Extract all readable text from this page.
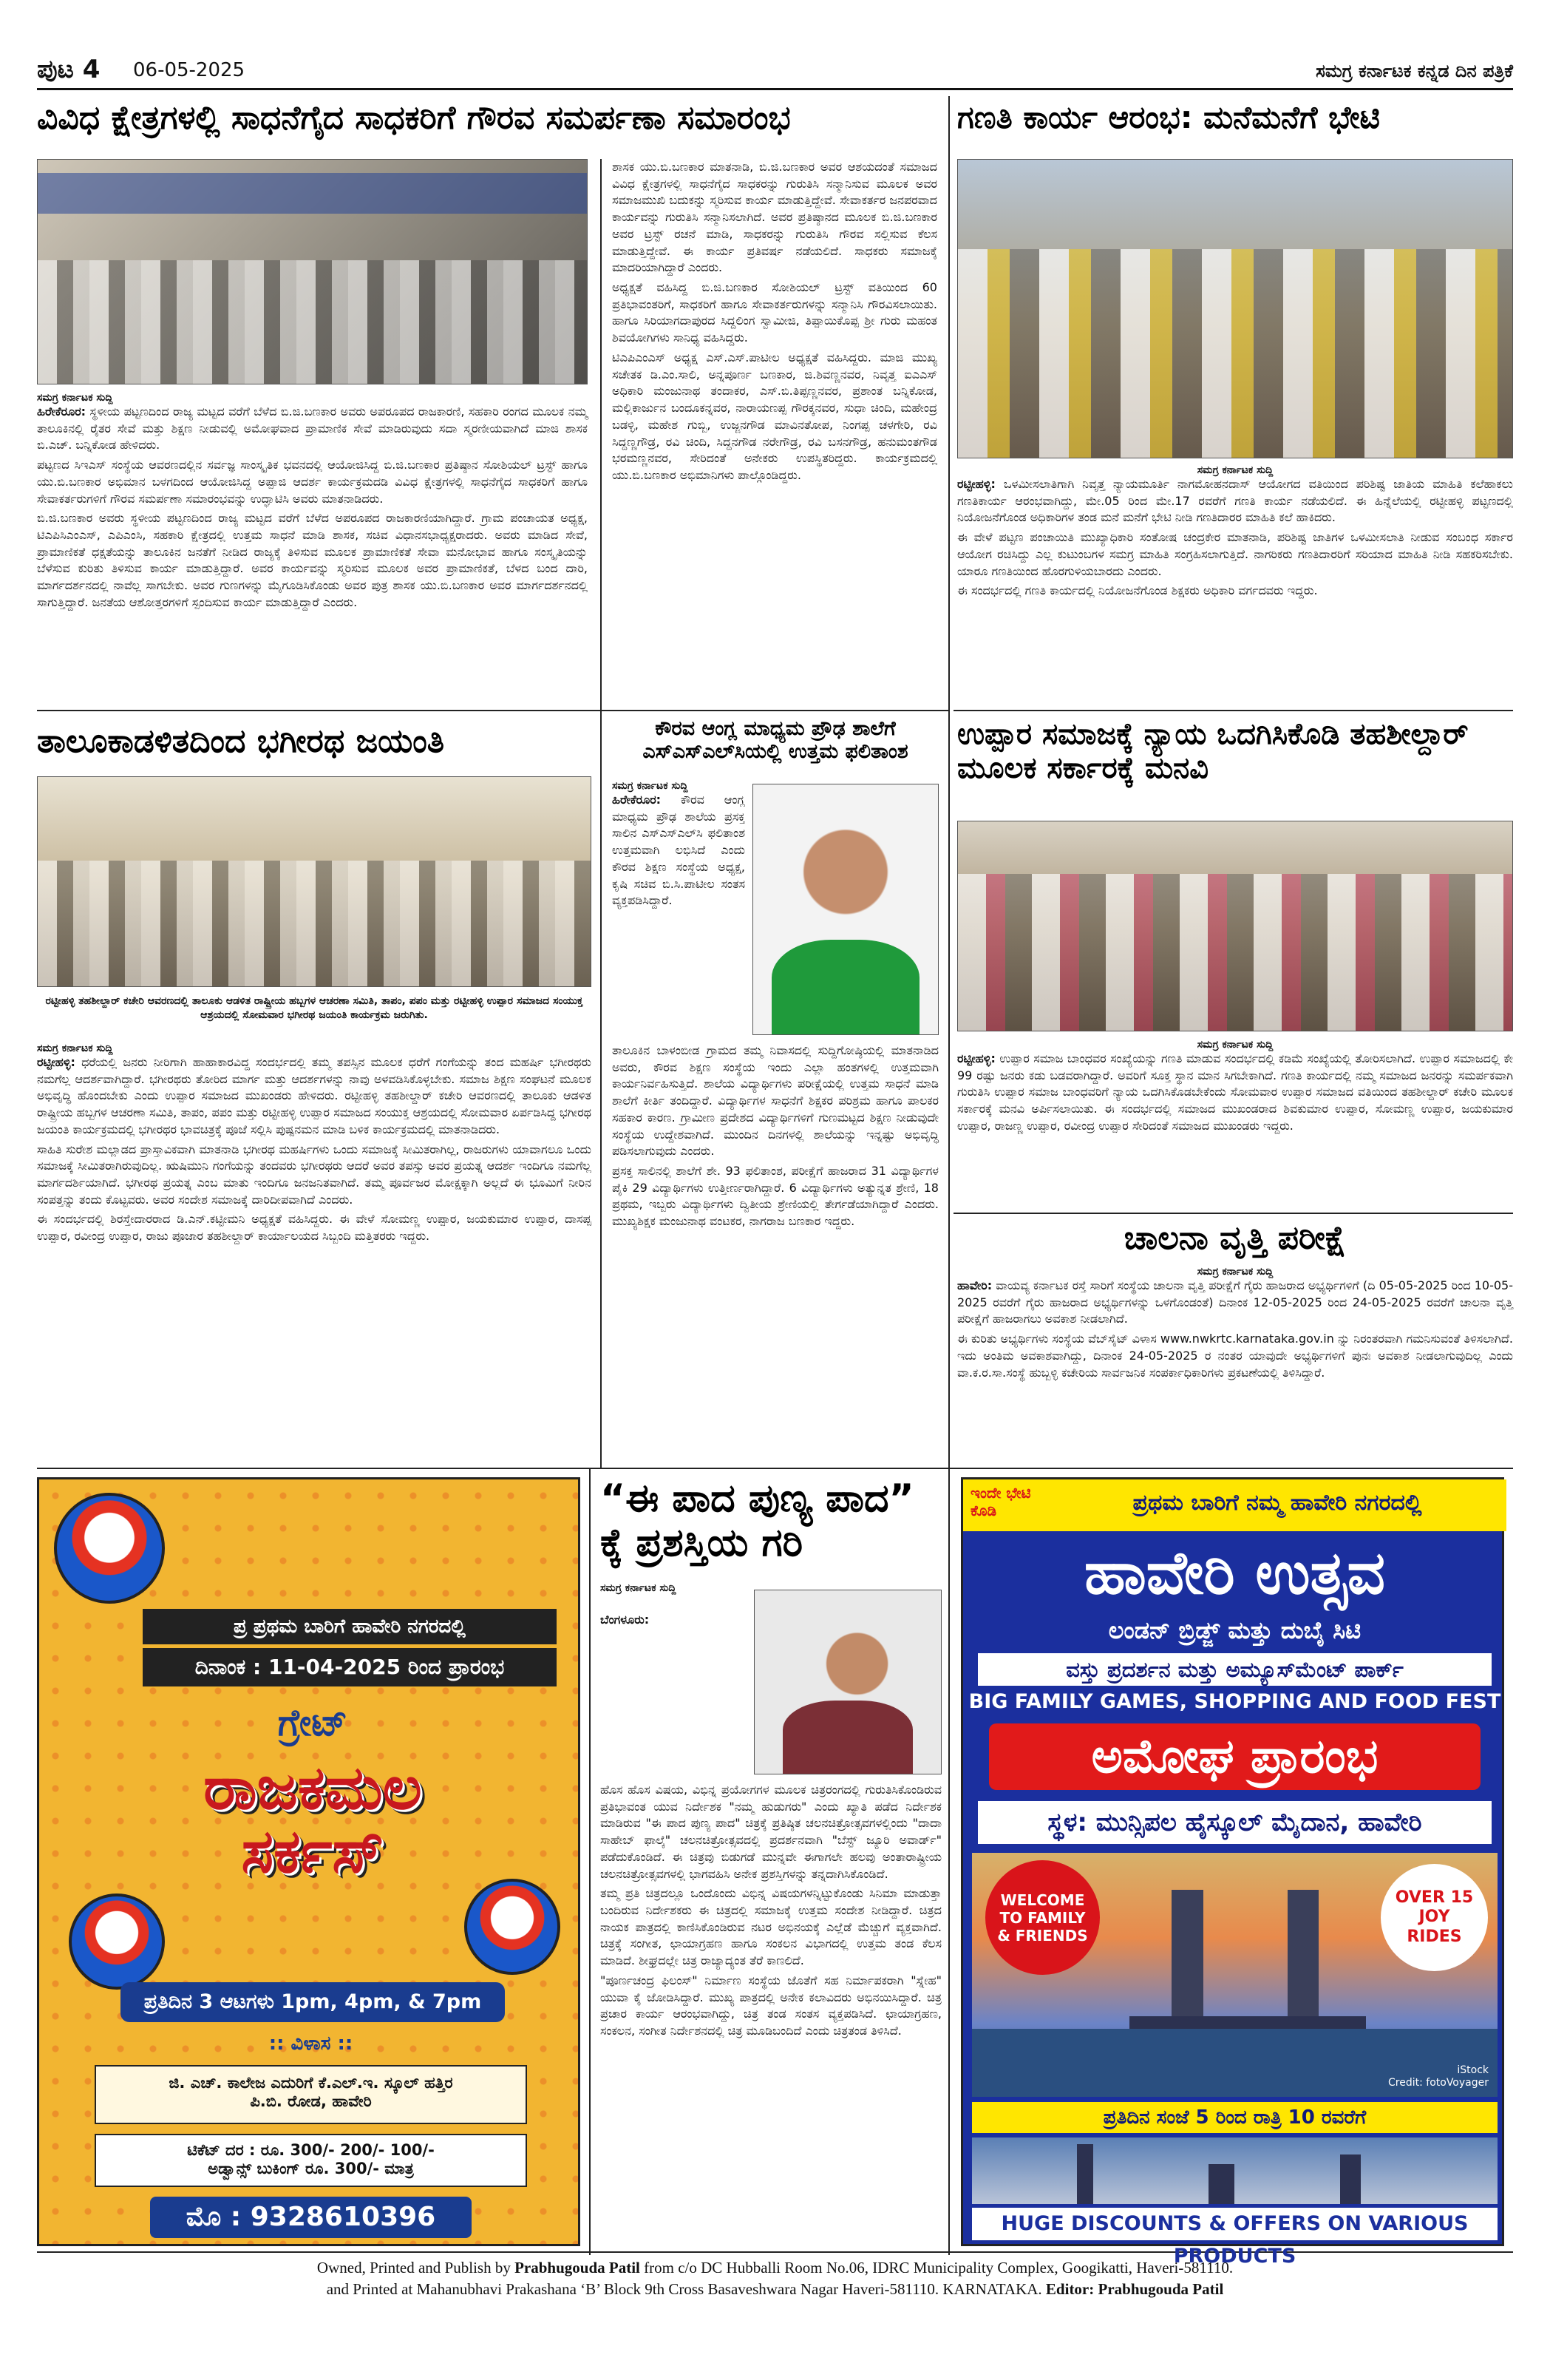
ಪುಟ 4 06-05-2025	ಸಮಗ್ರ ಕರ್ನಾಟಕ ಕನ್ನಡ ದಿನ ಪತ್ರಿಕೆ
ವಿವಿಧ ಕ್ಷೇತ್ರಗಳಲ್ಲಿ ಸಾಧನೆಗೈದ ಸಾಧಕರಿಗೆ ಗೌರವ ಸಮರ್ಪಣಾ ಸಮಾರಂಭ
ಸಮಗ್ರ ಕರ್ನಾಟಕ ಸುದ್ದಿ
ಹಿರೇಕೆರೂರ: ಸ್ಥಳೀಯ ಪಟ್ಟಣದಿಂದ ರಾಜ್ಯ ಮಟ್ಟದ ವರೆಗೆ ಬೆಳೆದ ಬಿ.ಜಿ.ಬಣಕಾರ ಅವರು ಅಪರೂಪದ ರಾಜಕಾರಣಿ, ಸಹಕಾರಿ ರಂಗದ ಮೂಲಕ ನಮ್ಮ ತಾಲೂಕಿನಲ್ಲಿ ರೈತರ ಸೇವೆ ಮತ್ತು ಶಿಕ್ಷಣ ನೀಡುವಲ್ಲಿ ಅಮೋಘವಾದ ಪ್ರಾಮಾಣಿಕ ಸೇವೆ ಮಾಡಿರುವುದು ಸದಾ ಸ್ಮರಣೀಯವಾಗಿದೆ ಮಾಜಿ ಶಾಸಕ ಬಿ.ಎಚ್. ಬನ್ನಿಕೋಡ ಹೇಳಿದರು.
ಪಟ್ಟಣದ ಸಿಇಎಸ್ ಸಂಸ್ಥೆಯ ಆವರಣದಲ್ಲಿನ ಸರ್ವಜ್ಞ ಸಾಂಸ್ಕೃತಿಕ ಭವನದಲ್ಲಿ ಆಯೋಜಿಸಿದ್ದ ಬಿ.ಜಿ.ಬಣಕಾರ ಪ್ರತಿಷ್ಠಾನ ಸೋಶಿಯಲ್ ಟ್ರಸ್ಟ್ ಹಾಗೂ ಯು.ಬಿ.ಬಣಕಾರ ಅಭಿಮಾನ ಬಳಗದಿಂದ ಆಯೋಜಿಸಿದ್ದ ಅಪ್ಪಾಜಿ ಆದರ್ಶ ಕಾರ್ಯಕ್ರಮದಡಿ ವಿವಿಧ ಕ್ಷೇತ್ರಗಳಲ್ಲಿ ಸಾಧನೆಗೈದ ಸಾಧಕರಿಗೆ ಹಾಗೂ ಸೇವಾಕರ್ತರುಗಳಿಗೆ ಗೌರವ ಸಮರ್ಪಣಾ ಸಮಾರಂಭವನ್ನು ಉದ್ಘಾಟಿಸಿ ಅವರು ಮಾತನಾಡಿದರು.
ಬಿ.ಜಿ.ಬಣಕಾರ ಅವರು ಸ್ಥಳೀಯ ಪಟ್ಟಣದಿಂದ ರಾಜ್ಯ ಮಟ್ಟದ ವರೆಗೆ ಬೆಳೆದ ಅಪರೂಪದ ರಾಜಕಾರಣಿಯಾಗಿದ್ದಾರೆ. ಗ್ರಾಮ ಪಂಚಾಯತ ಅಧ್ಯಕ್ಷ, ಟಿಎಪಿಸಿಎಂಎಸ್, ಎಪಿಎಂಸಿ, ಸಹಕಾರಿ ಕ್ಷೇತ್ರದಲ್ಲಿ ಉತ್ತಮ ಸಾಧನೆ ಮಾಡಿ ಶಾಸಕ, ಸಚಿವ ವಿಧಾನಸಭಾಧ್ಯಕ್ಷರಾದರು. ಅವರು ಮಾಡಿದ ಸೇವೆ, ಪ್ರಾಮಾಣಿಕತೆ ಧಕ್ಷತೆಯನ್ನು ತಾಲೂಕಿನ ಜನತೆಗೆ ನೀಡಿದ ರಾಜ್ಯಕ್ಕೆ ತಿಳಿಸುವ ಮೂಲಕ ಪ್ರಾಮಾಣಿಕತೆ ಸೇವಾ ಮನೋಭಾವ ಹಾಗೂ ಸಂಸ್ಕೃತಿಯನ್ನು ಬೆಳೆಸುವ ಕುರಿತು ತಿಳಿಸುವ ಕಾರ್ಯ ಮಾಡುತ್ತಿದ್ದಾರೆ. ಅವರ ಕಾರ್ಯವನ್ನು ಸ್ಮರಿಸುವ ಮೂಲಕ ಅವರ ಪ್ರಾಮಾಣಿಕತೆ, ಬೆಳದ ಬಂದ ದಾರಿ, ಮಾರ್ಗದರ್ಶನದಲ್ಲಿ ನಾವೆಲ್ಲ ಸಾಗಬೇಕು. ಅವರ ಗುಣಗಳನ್ನು ಮೈಗೂಡಿಸಿಕೊಂಡು ಅವರ ಪುತ್ರ ಶಾಸಕ ಯು.ಬಿ.ಬಣಕಾರ ಅವರ ಮಾರ್ಗದರ್ಶನದಲ್ಲಿ ಸಾಗುತ್ತಿದ್ದಾರೆ. ಜನತೆಯ ಆಶೋತ್ತರಗಳಿಗೆ ಸ್ಪಂದಿಸುವ ಕಾರ್ಯ ಮಾಡುತ್ತಿದ್ದಾರೆ ಎಂದರು.
ಶಾಸಕ ಯು.ಬಿ.ಬಣಕಾರ ಮಾತನಾಡಿ, ಬಿ.ಜಿ.ಬಣಕಾರ ಅವರ ಆಶಯದಂತೆ ಸಮಾಜದ ವಿವಿಧ ಕ್ಷೇತ್ರಗಳಲ್ಲಿ ಸಾಧನೆಗೈದ ಸಾಧಕರನ್ನು ಗುರುತಿಸಿ ಸನ್ಮಾನಿಸುವ ಮೂಲಕ ಅವರ ಸಮಾಜಮುಖಿ ಬದುಕನ್ನು ಸ್ಮರಿಸುವ ಕಾರ್ಯ ಮಾಡುತ್ತಿದ್ದೇವೆ. ಸೇವಾಕರ್ತರ ಜನಪರವಾದ ಕಾರ್ಯವನ್ನು ಗುರುತಿಸಿ ಸನ್ಮಾನಿಸಲಾಗಿದೆ. ಅವರ ಪ್ರತಿಷ್ಠಾನದ ಮೂಲಕ ಬಿ.ಜಿ.ಬಣಕಾರ ಅವರ ಟ್ರಸ್ಟ್ ರಚನೆ ಮಾಡಿ, ಸಾಧಕರನ್ನು ಗುರುತಿಸಿ ಗೌರವ ಸಲ್ಲಿಸುವ ಕೆಲಸ ಮಾಡುತ್ತಿದ್ದೇವೆ. ಈ ಕಾರ್ಯ ಪ್ರತಿವರ್ಷ ನಡೆಯಲಿದೆ. ಸಾಧಕರು ಸಮಾಜಕ್ಕೆ ಮಾದರಿಯಾಗಿದ್ದಾರೆ ಎಂದರು.
ಅಧ್ಯಕ್ಷತೆ ವಹಿಸಿದ್ದ ಬಿ.ಜಿ.ಬಣಕಾರ ಸೋಶಿಯಲ್ ಟ್ರಸ್ಟ್ ವತಿಯಿಂದ 60 ಪ್ರತಿಭಾವಂತರಿಗೆ, ಸಾಧಕರಿಗೆ ಹಾಗೂ ಸೇವಾಕರ್ತರುಗಳನ್ನು ಸನ್ಮಾನಿಸಿ ಗೌರವಿಸಲಾಯಿತು. ಹಾಗೂ ಸಿರಿಯಾಗದಾಪುರದ ಸಿದ್ದಲಿಂಗ ಸ್ವಾಮೀಜಿ, ತಿಪ್ಪಾಯಿಕೊಪ್ಪ ಶ್ರೀ ಗುರು ಮಹಂತ ಶಿವಯೋಗಿಗಳು ಸಾನಿಧ್ಯ ವಹಿಸಿದ್ದರು.
ಟಿಎಪಿಎಂಎಸ್ ಅಧ್ಯಕ್ಷ ಎಸ್.ಎಸ್.ಪಾಟೀಲ ಅಧ್ಯಕ್ಷತೆ ವಹಿಸಿದ್ದರು. ಮಾಜಿ ಮುಖ್ಯ ಸಚೇತಕ ಡಿ.ಎಂ.ಸಾಲಿ, ಅನ್ನಪೂರ್ಣ ಬಣಕಾರ, ಜಿ.ಶಿವಣ್ಣನವರ, ನಿವೃತ್ತ ಐಎಎಸ್ ಅಧಿಕಾರಿ ಮಂಜುನಾಥ ತಂದಾಕರ, ಎಸ್.ಬಿ.ತಿಪ್ಪಣ್ಣನವರ, ಪ್ರಶಾಂತ ಬನ್ನಿಕೋಡ, ಮಲ್ಲಿಕಾರ್ಜುನ ಬಂದೂಕನ್ನವರ, ನಾರಾಯಣಪ್ಪ ಗೌರಕ್ಕನವರ, ಸುಧಾ ಚಿಂದಿ, ಮಹೇಂದ್ರ ಬಡಳ್ಳಿ, ಮಹೇಶ ಗುಬ್ಬಿ, ಉಜ್ಜನಗೌಡ ಮಾವಿನತೋಪ, ನಿಂಗಪ್ಪ ಚಳಗೇರಿ, ರವಿ ಸಿದ್ದಣ್ಣಗೌಡ್ರ, ರವಿ ಚಿಂದಿ, ಸಿದ್ದನಗೌಡ ನರೇಗೌಡ್ರ, ರವಿ ಬಸನಗೌಡ್ರ, ಹನುಮಂತಗೌಡ ಭರಮಣ್ಣನವರ, ಸೇರಿದಂತೆ ಅನೇಕರು ಉಪಸ್ಥಿತರಿದ್ದರು. ಕಾರ್ಯಕ್ರಮದಲ್ಲಿ ಯು.ಬಿ.ಬಣಕಾರ ಅಭಿಮಾನಿಗಳು ಪಾಲ್ಗೊಂಡಿದ್ದರು.
ಗಣತಿ ಕಾರ್ಯ ಆರಂಭ: ಮನೆಮನೆಗೆ ಭೇಟಿ
ಸಮಗ್ರ ಕರ್ನಾಟಕ ಸುದ್ದಿ
ರಟ್ಟೀಹಳ್ಳಿ: ಒಳಮೀಸಲಾತಿಗಾಗಿ ನಿವೃತ್ತ ನ್ಯಾಯಮೂರ್ತಿ ನಾಗಮೋಹನದಾಸ್ ಆಯೋಗದ ವತಿಯಿಂದ ಪರಿಶಿಷ್ಟ ಜಾತಿಯ ಮಾಹಿತಿ ಕಲೆಹಾಕಲು ಗಣತಿಕಾರ್ಯ ಆರಂಭವಾಗಿದ್ದು, ಮೇ.05 ರಿಂದ ಮೇ.17 ರವರೆಗೆ ಗಣತಿ ಕಾರ್ಯ ನಡೆಯಲಿದೆ. ಈ ಹಿನ್ನೆಲೆಯಲ್ಲಿ ರಟ್ಟೀಹಳ್ಳಿ ಪಟ್ಟಣದಲ್ಲಿ ನಿಯೋಜನೆಗೊಂಡ ಅಧಿಕಾರಿಗಳ ತಂಡ ಮನೆ ಮನೆಗೆ ಭೇಟಿ ನೀಡಿ ಗಣತಿದಾರರ ಮಾಹಿತಿ ಕಲೆ ಹಾಕಿದರು.
ಈ ವೇಳೆ ಪಟ್ಟಣ ಪಂಚಾಯಿತಿ ಮುಖ್ಯಾಧಿಕಾರಿ ಸಂತೋಷ ಚಂದ್ರಕೇರ ಮಾತನಾಡಿ, ಪರಿಶಿಷ್ಟ ಜಾತಿಗಳ ಒಳಮೀಸಲಾತಿ ನೀಡುವ ಸಂಬಂಧ ಸರ್ಕಾರ ಆಯೋಗ ರಚಿಸಿದ್ದು ಎಲ್ಲ ಕುಟುಂಬಗಳ ಸಮಗ್ರ ಮಾಹಿತಿ ಸಂಗ್ರಹಿಸಲಾಗುತ್ತಿದೆ. ನಾಗರಿಕರು ಗಣತಿದಾರರಿಗೆ ಸರಿಯಾದ ಮಾಹಿತಿ ನೀಡಿ ಸಹಕರಿಸಬೇಕು. ಯಾರೂ ಗಣತಿಯಿಂದ ಹೊರಗುಳಿಯಬಾರದು ಎಂದರು.
ಈ ಸಂದರ್ಭದಲ್ಲಿ ಗಣತಿ ಕಾರ್ಯದಲ್ಲಿ ನಿಯೋಜನೆಗೊಂಡ ಶಿಕ್ಷಕರು ಅಧಿಕಾರಿ ವರ್ಗದವರು ಇದ್ದರು.
ತಾಲೂಕಾಡಳಿತದಿಂದ ಭಗೀರಥ ಜಯಂತಿ
ರಟ್ಟೀಹಳ್ಳಿ ತಹಶೀಲ್ದಾರ್ ಕಚೇರಿ ಆವರಣದಲ್ಲಿ ತಾಲೂಕು ಆಡಳಿತ ರಾಷ್ಟ್ರೀಯ ಹಬ್ಬಗಳ ಆಚರಣಾ ಸಮಿತಿ, ತಾಪಂ, ಪಪಂ ಮತ್ತು ರಟ್ಟೀಹಳ್ಳಿ ಉಪ್ಪಾರ ಸಮಾಜದ ಸಂಯುಕ್ತ ಆಶ್ರಯದಲ್ಲಿ ಸೋಮವಾರ ಭಗೀರಥ ಜಯಂತಿ ಕಾರ್ಯಕ್ರಮ ಜರುಗಿತು.
ಸಮಗ್ರ ಕರ್ನಾಟಕ ಸುದ್ದಿ
ರಟ್ಟೀಹಳ್ಳಿ: ಧರೆಯಲ್ಲಿ ಜನರು ನೀರಿಗಾಗಿ ಹಾಹಾಕಾರವಿದ್ದ ಸಂದರ್ಭದಲ್ಲಿ ತಮ್ಮ ತಪಸ್ಸಿನ ಮೂಲಕ ಧರೆಗೆ ಗಂಗೆಯನ್ನು ತಂದ ಮಹರ್ಷಿ ಭಗೀರಥರು ನಮಗೆಲ್ಲ ಆದರ್ಶವಾಗಿದ್ದಾರೆ. ಭಗೀರಥರು ತೋರಿದ ಮಾರ್ಗ ಮತ್ತು ಆದರ್ಶಗಳನ್ನು ನಾವು ಅಳವಡಿಸಿಕೊಳ್ಳಬೇಕು. ಸಮಾಜ ಶಿಕ್ಷಣ ಸಂಘಟನೆ ಮೂಲಕ ಅಭಿವೃದ್ಧಿ ಹೊಂದಬೇಕು ಎಂದು ಉಪ್ಪಾರ ಸಮಾಜದ ಮುಖಂಡರು ಹೇಳಿದರು. ರಟ್ಟೀಹಳ್ಳಿ ತಹಶೀಲ್ದಾರ್ ಕಚೇರಿ ಆವರಣದಲ್ಲಿ ತಾಲೂಕು ಆಡಳಿತ ರಾಷ್ಟ್ರೀಯ ಹಬ್ಬಗಳ ಆಚರಣಾ ಸಮಿತಿ, ತಾಪಂ, ಪಪಂ ಮತ್ತು ರಟ್ಟೀಹಳ್ಳಿ ಉಪ್ಪಾರ ಸಮಾಜದ ಸಂಯುಕ್ತ ಆಶ್ರಯದಲ್ಲಿ ಸೋಮವಾರ ಏರ್ಪಡಿಸಿದ್ದ ಭಗೀರಥ ಜಯಂತಿ ಕಾರ್ಯಕ್ರಮದಲ್ಲಿ ಭಗೀರಥರ ಭಾವಚಿತ್ರಕ್ಕೆ ಪೂಜೆ ಸಲ್ಲಿಸಿ ಪುಷ್ಪನಮನ ಮಾಡಿ ಬಳಿಕ ಕಾರ್ಯಕ್ರಮದಲ್ಲಿ ಮಾತನಾಡಿದರು.
ಸಾಹಿತಿ ಸುರೇಶ ಮಲ್ಲಾಡದ ಪ್ರಾಸ್ತಾವಿಕವಾಗಿ ಮಾತನಾಡಿ ಭಗೀರಥ ಮಹರ್ಷಿಗಳು ಒಂದು ಸಮಾಜಕ್ಕೆ ಸೀಮಿತರಾಗಿಲ್ಲ, ರಾಜರುಗಳು ಯಾವಾಗಲೂ ಒಂದು ಸಮಾಜಕ್ಕೆ ಸೀಮಿತರಾಗಿರುವುದಿಲ್ಲ. ಋಷಿಮುನಿ ಗಂಗೆಯನ್ನು ತಂದವರು ಭಗೀರಥರು ಆದರೆ ಅವರ ತಪಸ್ಸು ಅವರ ಪ್ರಯತ್ನ ಆದರ್ಶ ಇಂದಿಗೂ ನಮಗೆಲ್ಲ ಮಾರ್ಗದರ್ಶಿಯಾಗಿದೆ. ಭಗೀರಥ ಪ್ರಯತ್ನ ಎಂಬ ಮಾತು ಇಂದಿಗೂ ಜನಜನಿತವಾಗಿದೆ. ತಮ್ಮ ಪೂರ್ವಜರ ಮೋಕ್ಷಕ್ಕಾಗಿ ಅಲ್ಲದೆ ಈ ಭೂಮಿಗೆ ನೀರಿನ ಸಂಪತ್ತನ್ನು ತಂದು ಕೊಟ್ಟವರು. ಅವರ ಸಂದೇಶ ಸಮಾಜಕ್ಕೆ ದಾರಿದೀಪವಾಗಿದೆ ಎಂದರು.
ಈ ಸಂದರ್ಭದಲ್ಲಿ ಶಿರಸ್ತೇದಾರರಾದ ಡಿ.ಎನ್.ಕಟ್ಟೀಮನಿ ಅಧ್ಯಕ್ಷತೆ ವಹಿಸಿದ್ದರು. ಈ ವೇಳೆ ಸೋಮಣ್ಣ ಉಪ್ಪಾರ, ಜಯಕುಮಾರ ಉಪ್ಪಾರ, ದಾಸಪ್ಪ ಉಪ್ಪಾರ, ರವೀಂದ್ರ ಉಪ್ಪಾರ, ರಾಜು ಪೂಜಾರ ತಹಶೀಲ್ದಾರ್ ಕಾರ್ಯಾಲಯದ ಸಿಬ್ಬಂದಿ ಮತ್ತಿತರರು ಇದ್ದರು.
ಕೌರವ ಆಂಗ್ಲ ಮಾಧ್ಯಮ ಪ್ರೌಢ ಶಾಲೆಗೆ ಎಸ್‌ಎಸ್‌ಎಲ್‌ಸಿಯಲ್ಲಿ ಉತ್ತಮ ಫಲಿತಾಂಶ
ಸಮಗ್ರ ಕರ್ನಾಟಕ ಸುದ್ದಿ
ಹಿರೇಕೆರೂರ: ಕೌರವ ಆಂಗ್ಲ ಮಾಧ್ಯಮ ಪ್ರೌಢ ಶಾಲೆಯ ಪ್ರಸಕ್ತ ಸಾಲಿನ ಎಸ್ಎಸ್ಎಲ್‌ಸಿ ಫಲಿತಾಂಶ ಉತ್ತಮವಾಗಿ ಲಭಿಸಿದೆ ಎಂದು ಕೌರವ ಶಿಕ್ಷಣ ಸಂಸ್ಥೆಯ ಅಧ್ಯಕ್ಷ, ಕೃಷಿ ಸಚಿವ ಬಿ.ಸಿ.ಪಾಟೀಲ ಸಂತಸ ವ್ಯಕ್ತಪಡಿಸಿದ್ದಾರೆ.
ತಾಲೂಕಿನ ಬಾಳಂಬೀಡ ಗ್ರಾಮದ ತಮ್ಮ ನಿವಾಸದಲ್ಲಿ ಸುದ್ದಿಗೋಷ್ಠಿಯಲ್ಲಿ ಮಾತನಾಡಿದ ಅವರು, ಕೌರವ ಶಿಕ್ಷಣ ಸಂಸ್ಥೆಯ ಇಂದು ಎಲ್ಲಾ ಹಂತಗಳಲ್ಲಿ ಉತ್ತಮವಾಗಿ ಕಾರ್ಯನಿರ್ವಹಿಸುತ್ತಿದೆ. ಶಾಲೆಯ ವಿದ್ಯಾರ್ಥಿಗಳು ಪರೀಕ್ಷೆಯಲ್ಲಿ ಉತ್ತಮ ಸಾಧನೆ ಮಾಡಿ ಶಾಲೆಗೆ ಕೀರ್ತಿ ತಂದಿದ್ದಾರೆ. ವಿದ್ಯಾರ್ಥಿಗಳ ಸಾಧನೆಗೆ ಶಿಕ್ಷಕರ ಪರಿಶ್ರಮ ಹಾಗೂ ಪಾಲಕರ ಸಹಕಾರ ಕಾರಣ. ಗ್ರಾಮೀಣ ಪ್ರದೇಶದ ವಿದ್ಯಾರ್ಥಿಗಳಿಗೆ ಗುಣಮಟ್ಟದ ಶಿಕ್ಷಣ ನೀಡುವುದೇ ಸಂಸ್ಥೆಯ ಉದ್ದೇಶವಾಗಿದೆ. ಮುಂದಿನ ದಿನಗಳಲ್ಲಿ ಶಾಲೆಯನ್ನು ಇನ್ನಷ್ಟು ಅಭಿವೃದ್ಧಿ ಪಡಿಸಲಾಗುವುದು ಎಂದರು.
ಪ್ರಸಕ್ತ ಸಾಲಿನಲ್ಲಿ ಶಾಲೆಗೆ ಶೇ. 93 ಫಲಿತಾಂಶ, ಪರೀಕ್ಷೆಗೆ ಹಾಜರಾದ 31 ವಿದ್ಯಾರ್ಥಿಗಳ ಪೈಕಿ 29 ವಿದ್ಯಾರ್ಥಿಗಳು ಉತ್ತೀರ್ಣರಾಗಿದ್ದಾರೆ. 6 ವಿದ್ಯಾರ್ಥಿಗಳು ಅತ್ಯುನ್ನತ ಶ್ರೇಣಿ, 18 ಪ್ರಥಮ, ಇಬ್ಬರು ವಿದ್ಯಾರ್ಥಿಗಳು ದ್ವಿತೀಯ ಶ್ರೇಣಿಯಲ್ಲಿ ತೇರ್ಗಡೆಯಾಗಿದ್ದಾರೆ ಎಂದರು. ಮುಖ್ಯಶಿಕ್ಷಕ ಮಂಜುನಾಥ ವಂಟಕರ, ನಾಗರಾಜ ಬಣಕಾರ ಇದ್ದರು.
ಉಪ್ಪಾರ ಸಮಾಜಕ್ಕೆ ನ್ಯಾಯ ಒದಗಿಸಿಕೊಡಿ ತಹಶೀಲ್ದಾರ್ ಮೂಲಕ ಸರ್ಕಾರಕ್ಕೆ ಮನವಿ
ಸಮಗ್ರ ಕರ್ನಾಟಕ ಸುದ್ದಿ
ರಟ್ಟೀಹಳ್ಳಿ: ಉಪ್ಪಾರ ಸಮಾಜ ಬಾಂಧವರ ಸಂಖ್ಯೆಯನ್ನು ಗಣತಿ ಮಾಡುವ ಸಂದರ್ಭದಲ್ಲಿ ಕಡಿಮೆ ಸಂಖ್ಯೆಯಲ್ಲಿ ತೋರಿಸಲಾಗಿದೆ. ಉಪ್ಪಾರ ಸಮಾಜದಲ್ಲಿ ಕೇ 99 ರಷ್ಟು ಜನರು ಕಡು ಬಡವರಾಗಿದ್ದಾರೆ. ಅವರಿಗೆ ಸೂಕ್ತ ಸ್ಥಾನ ಮಾನ ಸಿಗಬೇಕಾಗಿದೆ. ಗಣತಿ ಕಾರ್ಯದಲ್ಲಿ ನಮ್ಮ ಸಮಾಜದ ಜನರನ್ನು ಸಮರ್ಪಕವಾಗಿ ಗುರುತಿಸಿ ಉಪ್ಪಾರ ಸಮಾಜ ಬಾಂಧವರಿಗೆ ನ್ಯಾಯ ಒದಗಿಸಿಕೊಡಬೇಕೆಂದು ಸೋಮವಾರ ಉಪ್ಪಾರ ಸಮಾಜದ ವತಿಯಿಂದ ತಹಶೀಲ್ದಾರ್ ಕಚೇರಿ ಮೂಲಕ ಸರ್ಕಾರಕ್ಕೆ ಮನವಿ ಅರ್ಪಿಸಲಾಯಿತು. ಈ ಸಂದರ್ಭದಲ್ಲಿ ಸಮಾಜದ ಮುಖಂಡರಾದ ಶಿವಕುಮಾರ ಉಪ್ಪಾರ, ಸೋಮಣ್ಣ ಉಪ್ಪಾರ, ಜಯಕುಮಾರ ಉಪ್ಪಾರ, ರಾಜಣ್ಣ ಉಪ್ಪಾರ, ರವೀಂದ್ರ ಉಪ್ಪಾರ ಸೇರಿದಂತೆ ಸಮಾಜದ ಮುಖಂಡರು ಇದ್ದರು.
ಚಾಲನಾ ವೃತ್ತಿ ಪರೀಕ್ಷೆ
ಸಮಗ್ರ ಕರ್ನಾಟಕ ಸುದ್ದಿ
ಹಾವೇರಿ: ವಾಯವ್ಯ ಕರ್ನಾಟಕ ರಸ್ತೆ ಸಾರಿಗೆ ಸಂಸ್ಥೆಯ ಚಾಲನಾ ವೃತ್ತಿ ಪರೀಕ್ಷೆಗೆ ಗೈರು ಹಾಜರಾದ ಅಭ್ಯರ್ಥಿಗಳಿಗೆ (ದಿ 05-05-2025 ರಿಂದ 10-05-2025 ರವರೆಗೆ ಗೈರು ಹಾಜರಾದ ಅಭ್ಯರ್ಥಿಗಳನ್ನು ಒಳಗೊಂಡಂತೆ) ದಿನಾಂಕ 12-05-2025 ರಿಂದ 24-05-2025 ರವರೆಗೆ ಚಾಲನಾ ವೃತ್ತಿ ಪರೀಕ್ಷೆಗೆ ಹಾಜರಾಗಲು ಅವಕಾಶ ನೀಡಲಾಗಿದೆ.
ಈ ಕುರಿತು ಅಭ್ಯರ್ಥಿಗಳು ಸಂಸ್ಥೆಯ ವೆಬ್‌ಸೈಟ್ ವಿಳಾಸ www.nwkrtc.karnataka.gov.in ನ್ನು ನಿರಂತರವಾಗಿ ಗಮನಿಸುವಂತೆ ತಿಳಿಸಲಾಗಿದೆ. ಇದು ಅಂತಿಮ ಅವಕಾಶವಾಗಿದ್ದು, ದಿನಾಂಕ 24-05-2025 ರ ನಂತರ ಯಾವುದೇ ಅಭ್ಯರ್ಥಿಗಳಿಗೆ ಪುನಃ ಅವಕಾಶ ನೀಡಲಾಗುವುದಿಲ್ಲ ಎಂದು ವಾ.ಕ.ರ.ಸಾ.ಸಂಸ್ಥೆ ಹುಬ್ಬಳ್ಳಿ ಕಚೇರಿಯ ಸಾರ್ವಜನಿಕ ಸಂಪರ್ಕಾಧಿಕಾರಿಗಳು ಪ್ರಕಟಣೆಯಲ್ಲಿ ತಿಳಿಸಿದ್ದಾರೆ.
ಪ್ರ ಪ್ರಥಮ ಬಾರಿಗೆ ಹಾವೇರಿ ನಗರದಲ್ಲಿ
ದಿನಾಂಕ : 11-04-2025 ರಿಂದ ಪ್ರಾರಂಭ
ಗ್ರೇಟ್
ರಾಜಕಮಲ ಸರ್ಕಸ್
ಪ್ರತಿದಿನ 3 ಆಟಗಳು 1pm, 4pm, & 7pm
:: ವಿಳಾಸ ::
ಜಿ. ಎಚ್. ಕಾಲೇಜ ಎದುರಿಗೆ ಕೆ.ಎಲ್.ಇ. ಸ್ಕೂಲ್ ಹತ್ತಿರ
ಪಿ.ಬಿ. ರೋಡ, ಹಾವೇರಿ
ಟಿಕೆಟ್ ದರ : ರೂ. 300/- 200/- 100/-
ಅಡ್ವಾನ್ಸ್ ಬುಕಿಂಗ್ ರೂ. 300/- ಮಾತ್ರ
ಮೊ : 9328610396
“ಈ ಪಾದ ಪುಣ್ಯ ಪಾದ” ಕ್ಕೆ ಪ್ರಶಸ್ತಿಯ ಗರಿ
ಸಮಗ್ರ ಕರ್ನಾಟಕ ಸುದ್ದಿ
ಬೆಂಗಳೂರು:
ಹೊಸ ಹೊಸ ವಿಷಯ, ವಿಭಿನ್ನ ಪ್ರಯೋಗಗಳ ಮೂಲಕ ಚಿತ್ರರಂಗದಲ್ಲಿ ಗುರುತಿಸಿಕೊಂಡಿರುವ ಪ್ರತಿಭಾವಂತ ಯುವ ನಿರ್ದೇಶಕ "ನಮ್ಮ ಹುಡುಗರು" ಎಂದು ಖ್ಯಾತಿ ಪಡೆದ ನಿರ್ದೇಶಕ ಮಾಡಿರುವ "ಈ ಪಾದ ಪುಣ್ಯ ಪಾದ" ಚಿತ್ರಕ್ಕೆ ಪ್ರತಿಷ್ಠಿತ ಚಲನಚಿತ್ರೋತ್ಸವಗಳಲ್ಲಿಂದು "ದಾದಾ ಸಾಹೇಬ್ ಫಾಲ್ಕೆ" ಚಲನಚಿತ್ರೋತ್ಸವದಲ್ಲಿ ಪ್ರದರ್ಶನವಾಗಿ "ಬೆಸ್ಟ್ ಜ್ಯೂರಿ ಅವಾರ್ಡ್" ಪಡೆದುಕೊಂಡಿದೆ. ಈ ಚಿತ್ರವು ಬಿಡುಗಡೆ ಮುನ್ನವೇ ಈಗಾಗಲೇ ಹಲವು ಅಂತಾರಾಷ್ಟ್ರೀಯ ಚಲನಚಿತ್ರೋತ್ಸವಗಳಲ್ಲಿ ಭಾಗವಹಿಸಿ ಅನೇಕ ಪ್ರಶಸ್ತಿಗಳನ್ನು ತನ್ನದಾಗಿಸಿಕೊಂಡಿದೆ.
ತಮ್ಮ ಪ್ರತಿ ಚಿತ್ರದಲ್ಲೂ ಒಂದೊಂದು ವಿಭಿನ್ನ ವಿಷಯಗಳನ್ನಿಟ್ಟುಕೊಂಡು ಸಿನಿಮಾ ಮಾಡುತ್ತಾ ಬಂದಿರುವ ನಿರ್ದೇಶಕರು ಈ ಚಿತ್ರದಲ್ಲಿ ಸಮಾಜಕ್ಕೆ ಉತ್ತಮ ಸಂದೇಶ ನೀಡಿದ್ದಾರೆ. ಚಿತ್ರದ ನಾಯಕ ಪಾತ್ರದಲ್ಲಿ ಕಾಣಿಸಿಕೊಂಡಿರುವ ನಟರ ಅಭಿನಯಕ್ಕೆ ಎಲ್ಲೆಡೆ ಮೆಚ್ಚುಗೆ ವ್ಯಕ್ತವಾಗಿದೆ. ಚಿತ್ರಕ್ಕೆ ಸಂಗೀತ, ಛಾಯಾಗ್ರಹಣ ಹಾಗೂ ಸಂಕಲನ ವಿಭಾಗದಲ್ಲಿ ಉತ್ತಮ ತಂಡ ಕೆಲಸ ಮಾಡಿದೆ. ಶೀಘ್ರದಲ್ಲೇ ಚಿತ್ರ ರಾಜ್ಯಾದ್ಯಂತ ತೆರೆ ಕಾಣಲಿದೆ.
"ಪೂರ್ಣಚಂದ್ರ ಫಿಲಂಸ್" ನಿರ್ಮಾಣ ಸಂಸ್ಥೆಯ ಜೊತೆಗೆ ಸಹ ನಿರ್ಮಾಪಕರಾಗಿ "ಸ್ನೇಹ" ಯುವಾ ಕೈ ಜೋಡಿಸಿದ್ದಾರೆ. ಮುಖ್ಯ ಪಾತ್ರದಲ್ಲಿ ಅನೇಕ ಕಲಾವಿದರು ಅಭಿನಯಿಸಿದ್ದಾರೆ. ಚಿತ್ರ ಪ್ರಚಾರ ಕಾರ್ಯ ಆರಂಭವಾಗಿದ್ದು, ಚಿತ್ರ ತಂಡ ಸಂತಸ ವ್ಯಕ್ತಪಡಿಸಿದೆ. ಛಾಯಾಗ್ರಹಣ, ಸಂಕಲನ, ಸಂಗೀತ ನಿರ್ದೇಶನದಲ್ಲಿ ಚಿತ್ರ ಮೂಡಿಬಂದಿದೆ ಎಂದು ಚಿತ್ರತಂಡ ತಿಳಿಸಿದೆ.
ಇಂದೇ ಭೇಟಿ ಕೊಡಿ	ಪ್ರಥಮ ಬಾರಿಗೆ ನಮ್ಮ ಹಾವೇರಿ ನಗರದಲ್ಲಿ
ಹಾವೇರಿ ಉತ್ಸವ
ಲಂಡನ್ ಬ್ರಿಡ್ಜ್ ಮತ್ತು ದುಬೈ ಸಿಟಿ
ವಸ್ತು ಪ್ರದರ್ಶನ ಮತ್ತು ಅಮ್ಯೂಸ್‌ಮೆಂಟ್ ಪಾರ್ಕ್
BIG FAMILY GAMES, SHOPPING AND FOOD FEST
ಅಮೋಘ ಪ್ರಾರಂಭ
ಸ್ಥಳ: ಮುನ್ಸಿಪಲ ಹೈಸ್ಕೂಲ್ ಮೈದಾನ, ಹಾವೇರಿ
iStock
Credit: fotoVoyager
WELCOME TO FAMILY & FRIENDS
OVER 15 JOY RIDES
ಪ್ರತಿದಿನ ಸಂಜೆ 5 ರಿಂದ ರಾತ್ರಿ 10 ರವರೆಗೆ
HUGE DISCOUNTS & OFFERS ON VARIOUS PRODUCTS
Owned, Printed and Publish by Prabhugouda Patil from c/o DC Hubballi Room No.06, IDRC Municipality Complex, Googikatti, Haveri-581110.
and Printed at Mahanubhavi Prakashana ‘B’ Block 9th Cross Basaveshwara Nagar Haveri-581110. KARNATAKA. Editor: Prabhugouda Patil
